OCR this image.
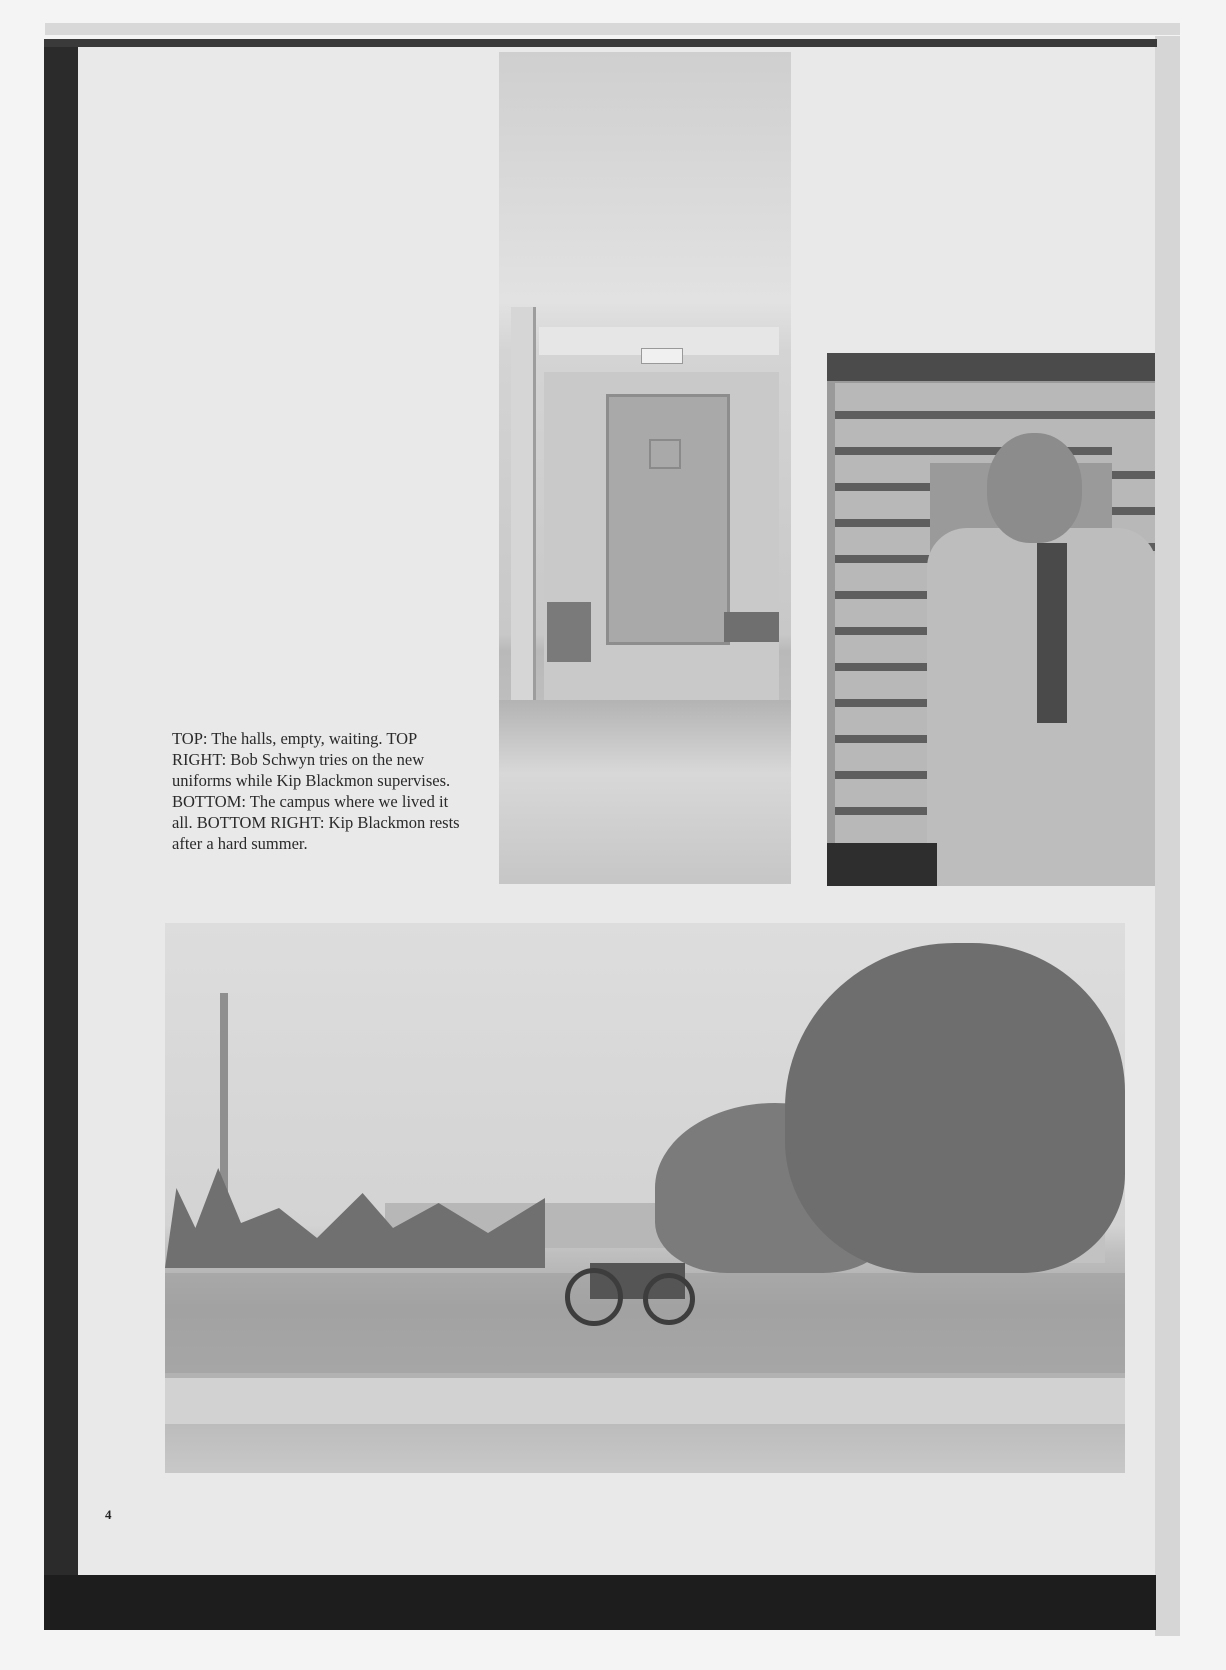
TOP: The halls, empty, waiting. TOP RIGHT: Bob Schwyn tries on the new uniforms while Kip Blackmon supervises. BOTTOM: The campus where we lived it all. BOTTOM RIGHT: Kip Blackmon rests after a hard summer.
4
